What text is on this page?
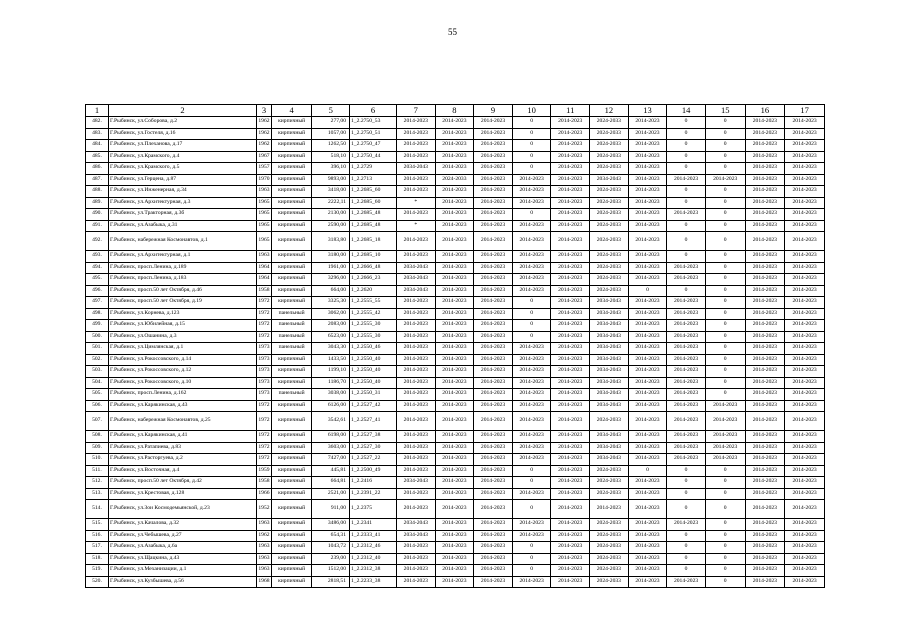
55
1	2	3	4	5	6	7	8	9	10	11	12	13	14	15	16	17
482.	Г.Рыбинск, ул.Соборова, д.2	1962	кирпичный	277,00	1_2.2750_53	2014-2023	2014-2023	2014-2023	0	2014-2023	2024-2033	2014-2023	0	0	2014-2023	2014-2023
483.	Г.Рыбинск, ул.Гостеля, д.16	1962	кирпичный	1057,00	1_2.2750_51	2014-2023	2014-2023	2014-2023	0	2014-2023	2024-2033	2014-2023	0	0	2014-2023	2014-2023
484.	Г.Рыбинск, ул.Плеханова, д.17	1962	кирпичный	1262,50	1_2.2750_47	2014-2023	2014-2023	2014-2023	0	2014-2023	2024-2033	2014-2023	0	0	2014-2023	2014-2023
485.	Г.Рыбинск, ул.Крамского, д.4	1967	кирпичный	518,10	1_2.2750_44	2014-2023	2014-2023	2014-2023	0	2014-2023	2024-2033	2014-2023	0	0	2014-2023	2014-2023
486.	Г.Рыбинск, ул.Крамского, д.5	1957	кирпичный	396,10	1_2.2729	2034-2043	2014-2023	2014-2023	0	2014-2023	2024-2033	2014-2023	0	0	2014-2023	2014-2023
487.	Г.Рыбинск, ул.Герцена, д.87	1970	кирпичный	9893,00	1_2.2713	2014-2023	2024-2033	2014-2023	2014-2023	2014-2023	2034-2043	2014-2023	2014-2023	2014-2023	2014-2023	2014-2023
488.	Г.Рыбинск, ул.Инженерная, д.34	1963	кирпичный	3418,00	1_2.2685_60	2014-2023	2014-2023	2014-2023	2014-2023	2014-2023	2024-2033	2014-2023	0	0	2014-2023	2014-2023
489.	Г.Рыбинск, ул.Архитектурная, д.3	1965	кирпичный	2222,11	1_2.2685_60	*	2014-2023	2014-2023	2014-2023	2014-2023	2024-2033	2014-2023	0	0	2014-2023	2014-2023
490.	Г.Рыбинск, ул.Тракторная, д.3б	1965	кирпичный	2130,00	1_2.2685_48	2014-2023	2014-2023	2014-2023	0	2014-2023	2024-2033	2014-2023	2014-2023	0	2014-2023	2014-2023
491.	Г.Рыбинск, ул.Азабыка, д.31	1965	кирпичный	2590,00	1_2.2685_48	*	2014-2023	2014-2023	2014-2023	2014-2023	2024-2033	2014-2023	0	0	2014-2023	2014-2023
492.	Г.Рыбинск, набережная Космонавтов, д.1	1965	кирпичный	3183,80	1_2.2685_18	2014-2023	2014-2023	2014-2023	2014-2023	2014-2023	2024-2033	2014-2023	0	0	2014-2023	2014-2023
493.	Г.Рыбинск, ул.Архитектурная, д.1	1963	кирпичный	3180,00	1_2.2685_10	2014-2023	2014-2023	2014-2023	2014-2023	2014-2023	2024-2033	2014-2023	0	0	2014-2023	2014-2023
494.	Г.Рыбинск, просп.Ленина, д.189	1964	кирпичный	1961,00	1_2.2666_48	2034-2043	2014-2023	2014-2023	2014-2023	2014-2023	2024-2033	2014-2023	2014-2023	0	2014-2023	2014-2023
495.	Г.Рыбинск, просп.Ленина, д.183	1964	кирпичный	3296,00	1_2.2666_23	2034-2043	2014-2023	2014-2023	2014-2023	2014-2023	2024-2033	2014-2023	2014-2023	0	2014-2023	2014-2023
496.	Г.Рыбинск, просп.50 лет Октября, д.46	1958	кирпичный	664,00	1_2.2620	2034-2043	2014-2023	2014-2023	2014-2023	2014-2023	2024-2033	0	0	0	2014-2023	2014-2023
497.	Г.Рыбинск, просп.50 лет Октября, д.19	1972	кирпичный	3325,30	1_2.2555_55	2014-2023	2014-2023	2014-2023	0	2014-2023	2034-2043	2014-2023	2014-2023	0	2014-2023	2014-2023
498.	Г.Рыбинск, ул.Корнева, д.123	1972	панельный	3062,00	1_2.2555_42	2014-2023	2014-2023	2014-2023	0	2014-2023	2034-2043	2014-2023	2014-2023	0	2014-2023	2014-2023
499.	Г.Рыбинск, ул.Юбилейная, д.15	1972	панельный	2083,00	1_2.2555_30	2014-2023	2014-2023	2014-2023	0	2014-2023	2034-2043	2014-2023	2014-2023	0	2014-2023	2014-2023
500.	Г.Рыбинск, ул.Ошанина, д.3	1972	панельный	6523,00	1_2.2555_30	2014-2023	2014-2023	2014-2023	0	2014-2023	2034-2043	2014-2023	2014-2023	0	2014-2023	2014-2023
501.	Г.Рыбинск, ул.Цимлянская, д.1	1973	панельный	3043,30	1_2.2550_46	2014-2023	2014-2023	2014-2023	2014-2023	2014-2023	2034-2043	2014-2023	2014-2023	0	2014-2023	2014-2023
502.	Г.Рыбинск, ул.Рокоссовского, д.14	1973	кирпичный	1433,50	1_2.2550_40	2014-2023	2014-2023	2014-2023	2014-2023	2014-2023	2034-2043	2014-2023	2014-2023	0	2014-2023	2014-2023
503.	Г.Рыбинск, ул.Рокоссовского, д.12	1973	кирпичный	1199,10	1_2.2550_40	2014-2023	2014-2023	2014-2023	2014-2023	2014-2023	2034-2043	2014-2023	2014-2023	0	2014-2023	2014-2023
504.	Г.Рыбинск, ул.Рокоссовского, д.10	1973	кирпичный	1186,70	1_2.2550_40	2014-2023	2014-2023	2014-2023	2014-2023	2014-2023	2034-2043	2014-2023	2014-2023	0	2014-2023	2014-2023
505.	Г.Рыбинск, просп.Ленина, д.162	1973	панельный	3038,00	1_2.2550_31	2014-2023	2014-2023	2014-2023	2014-2023	2014-2023	2034-2043	2014-2023	2014-2023	0	2014-2023	2014-2023
506.	Г.Рыбинск, ул.Карякинская, д.43	1972	кирпичный	6126,00	1_2.2527_42	2014-2023	2014-2023	2014-2023	2014-2023	2014-2023	2034-2043	2014-2023	2014-2023	2014-2023	2014-2023	2014-2023
507.	Г.Рыбинск, набережная Космонавтов, д.25	1972	кирпичный	3542,61	1_2.2527_41	2014-2023	2014-2023	2014-2023	2014-2023	2014-2023	2024-2033	2014-2023	2014-2023	2014-2023	2014-2023	2014-2023
508.	Г.Рыбинск, ул.Карякинская, д.41	1972	кирпичный	6198,00	1_2.2527_38	2014-2023	2014-2023	2014-2023	2014-2023	2014-2023	2034-2043	2014-2023	2014-2023	2014-2023	2014-2023	2014-2023
509.	Г.Рыбинск, ул.Ратапиева, д.83	1972	кирпичный	3603,00	1_2.2527_30	2014-2023	2014-2023	2014-2023	2014-2023	2014-2023	2034-2043	2014-2023	2014-2023	2014-2023	2014-2023	2014-2023
510.	Г.Рыбинск, ул.Расторгуева, д.2	1972	кирпичный	7427,00	1_2.2527_22	2014-2023	2014-2023	2014-2023	2014-2023	2014-2023	2034-2043	2014-2023	2014-2023	2014-2023	2014-2023	2014-2023
511.	Г.Рыбинск, ул.Восточная, д.4	1959	кирпичный	445,81	1_2.2500_49	2014-2023	2014-2023	2014-2023	0	2014-2023	2024-2033	0	0	0	2014-2023	2014-2023
512.	Г.Рыбинск, просп.50 лет Октября, д.42	1958	кирпичный	664,81	1_2.2416	2034-2043	2014-2023	2014-2023	0	2014-2023	2024-2033	2014-2023	0	0	2014-2023	2014-2023
513.	Г.Рыбинск, ул.Крестовая, д.128	1966	кирпичный	2521,00	1_2.2391_22	2014-2023	2014-2023	2014-2023	2014-2023	2014-2023	2024-2033	2014-2023	0	0	2014-2023	2014-2023
514.	Г.Рыбинск, ул.Зои Космодемьянской, д.23	1952	кирпичный	911,00	1_2.2375	2014-2023	2014-2023	2014-2023	0	2014-2023	2014-2023	2014-2023	0	0	2014-2023	2014-2023
515.	Г.Рыбинск, ул.Качалова, д.32	1963	кирпичный	3486,00	1_2.2341	2034-2043	2014-2023	2014-2023	2014-2023	2014-2023	2024-2033	2014-2023	2014-2023	0	2014-2023	2014-2023
516.	Г.Рыбинск, ул.Чебышева, д.27	1962	кирпичный	654,31	1_2.2333_41	2034-2043	2014-2023	2014-2023	2014-2023	2014-2023	2024-2033	2014-2023	0	0	2014-2023	2014-2023
517.	Г.Рыбинск, ул.Азабыка, д.6а	1963	кирпичный	1043,72	1_2.2312_46	2014-2023	2014-2023	2014-2023	0	2014-2023	2024-2033	2014-2023	0	0	2014-2023	2014-2023
518.	Г.Рыбинск, ул.Щацкина, д.43	1963	кирпичный	239,00	1_2.2312_40	2014-2023	2014-2023	2014-2023	0	2014-2023	2024-2033	2014-2023	0	0	2014-2023	2014-2023
519.	Г.Рыбинск, ул.Механизации, д.1	1963	кирпичный	1512,00	1_2.2312_38	2014-2023	2014-2023	2014-2023	0	2014-2023	2024-2033	2014-2023	0	0	2014-2023	2014-2023
520.	Г.Рыбинск, ул.Кузбышева, д.56	1968	кирпичный	2818,51	1_2.2233_38	2014-2023	2014-2023	2014-2023	2014-2023	2014-2023	2024-2033	2014-2023	2014-2023	0	2014-2023	2014-2023
